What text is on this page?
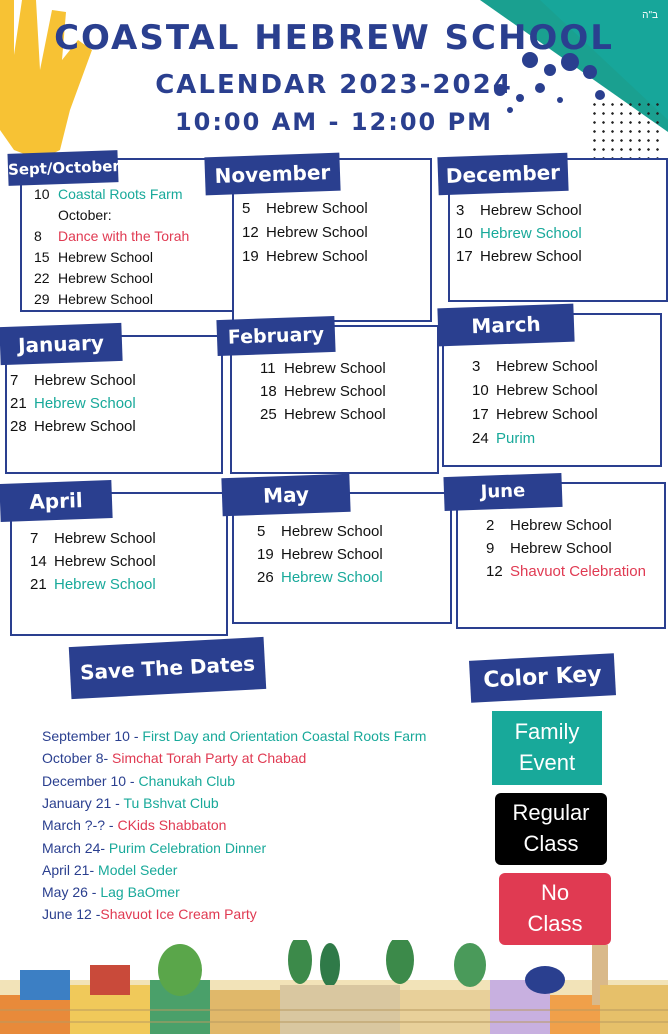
ב"ה
COASTAL HEBREW SCHOOL
CALENDAR 2023-2024
10:00 AM - 12:00 PM
Sept/October
10 Coastal Roots Farm
October:
8 Dance with the Torah
15 Hebrew School
22 Hebrew School
29 Hebrew School
November
5 Hebrew School
12 Hebrew School
19 Hebrew School
December
3 Hebrew School
10 Hebrew School
17 Hebrew School
January
7 Hebrew School
21 Hebrew School
28 Hebrew School
February
11 Hebrew School
18 Hebrew School
25 Hebrew School
March
3 Hebrew School
10 Hebrew School
17 Hebrew School
24 Purim
April
7 Hebrew School
14 Hebrew School
21 Hebrew School
May
5 Hebrew School
19 Hebrew School
26 Hebrew School
June
2 Hebrew School
9 Hebrew School
12 Shavuot Celebration
Save The Dates
September 10 - First Day and Orientation Coastal Roots Farm
October 8- Simchat Torah Party at Chabad
December 10 - Chanukah Club
January 21 - Tu Bshvat Club
March ?-? - CKids Shabbaton
March 24- Purim Celebration Dinner
April 21- Model Seder
May 26 - Lag BaOmer
June 12 -Shavuot Ice Cream Party
Color Key
Family
Event
Regular
Class
No
Class
